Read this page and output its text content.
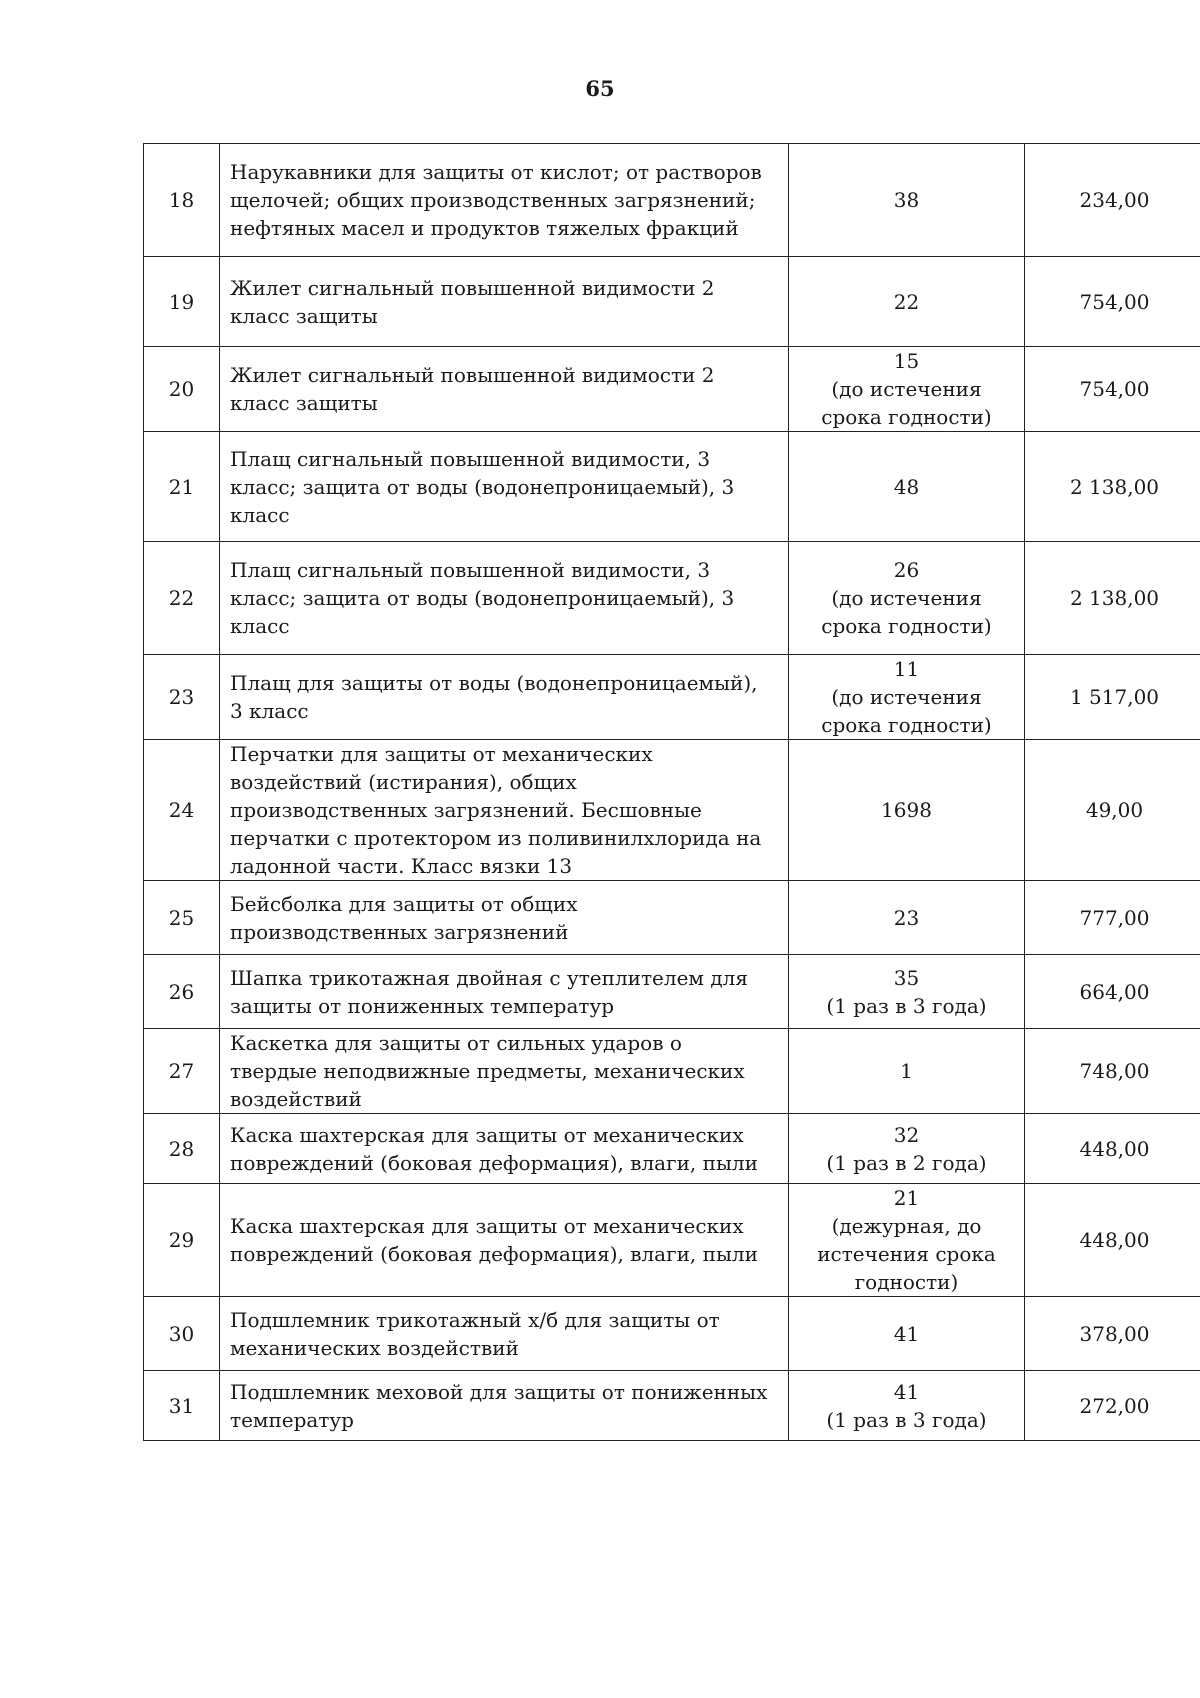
65
18	Нарукавники для защиты от кислот; от растворов
щелочей; общих производственных загрязнений;
нефтяных масел и продуктов тяжелых фракций	38	234,00
19	Жилет сигнальный повышенной видимости 2
класс защиты	22	754,00
20	Жилет сигнальный повышенной видимости 2
класс защиты	15
(до истечения
срока годности)	754,00
21	Плащ сигнальный повышенной видимости, 3
класс; защита от воды (водонепроницаемый), 3
класс	48	2 138,00
22	Плащ сигнальный повышенной видимости, 3
класс; защита от воды (водонепроницаемый), 3
класс	26
(до истечения
срока годности)	2 138,00
23	Плащ для защиты от воды (водонепроницаемый),
3 класс	11
(до истечения
срока годности)	1 517,00
24	Перчатки для защиты от механических
воздействий (истирания), общих
производственных загрязнений. Бесшовные
перчатки с протектором из поливинилхлорида на
ладонной части. Класс вязки 13	1698	49,00
25	Бейсболка для защиты от общих
производственных загрязнений	23	777,00
26	Шапка трикотажная двойная с утеплителем для
защиты от пониженных температур	35
(1 раз в 3 года)	664,00
27	Каскетка для защиты от сильных ударов о
твердые неподвижные предметы, механических
воздействий	1	748,00
28	Каска шахтерская для защиты от механических
повреждений (боковая деформация), влаги, пыли	32
(1 раз в 2 года)	448,00
29	Каска шахтерская для защиты от механических
повреждений (боковая деформация), влаги, пыли	21
(дежурная, до
истечения срока
годности)	448,00
30	Подшлемник трикотажный х/б для защиты от
механических воздействий	41	378,00
31	Подшлемник меховой для защиты от пониженных
температур	41
(1 раз в 3 года)	272,00
